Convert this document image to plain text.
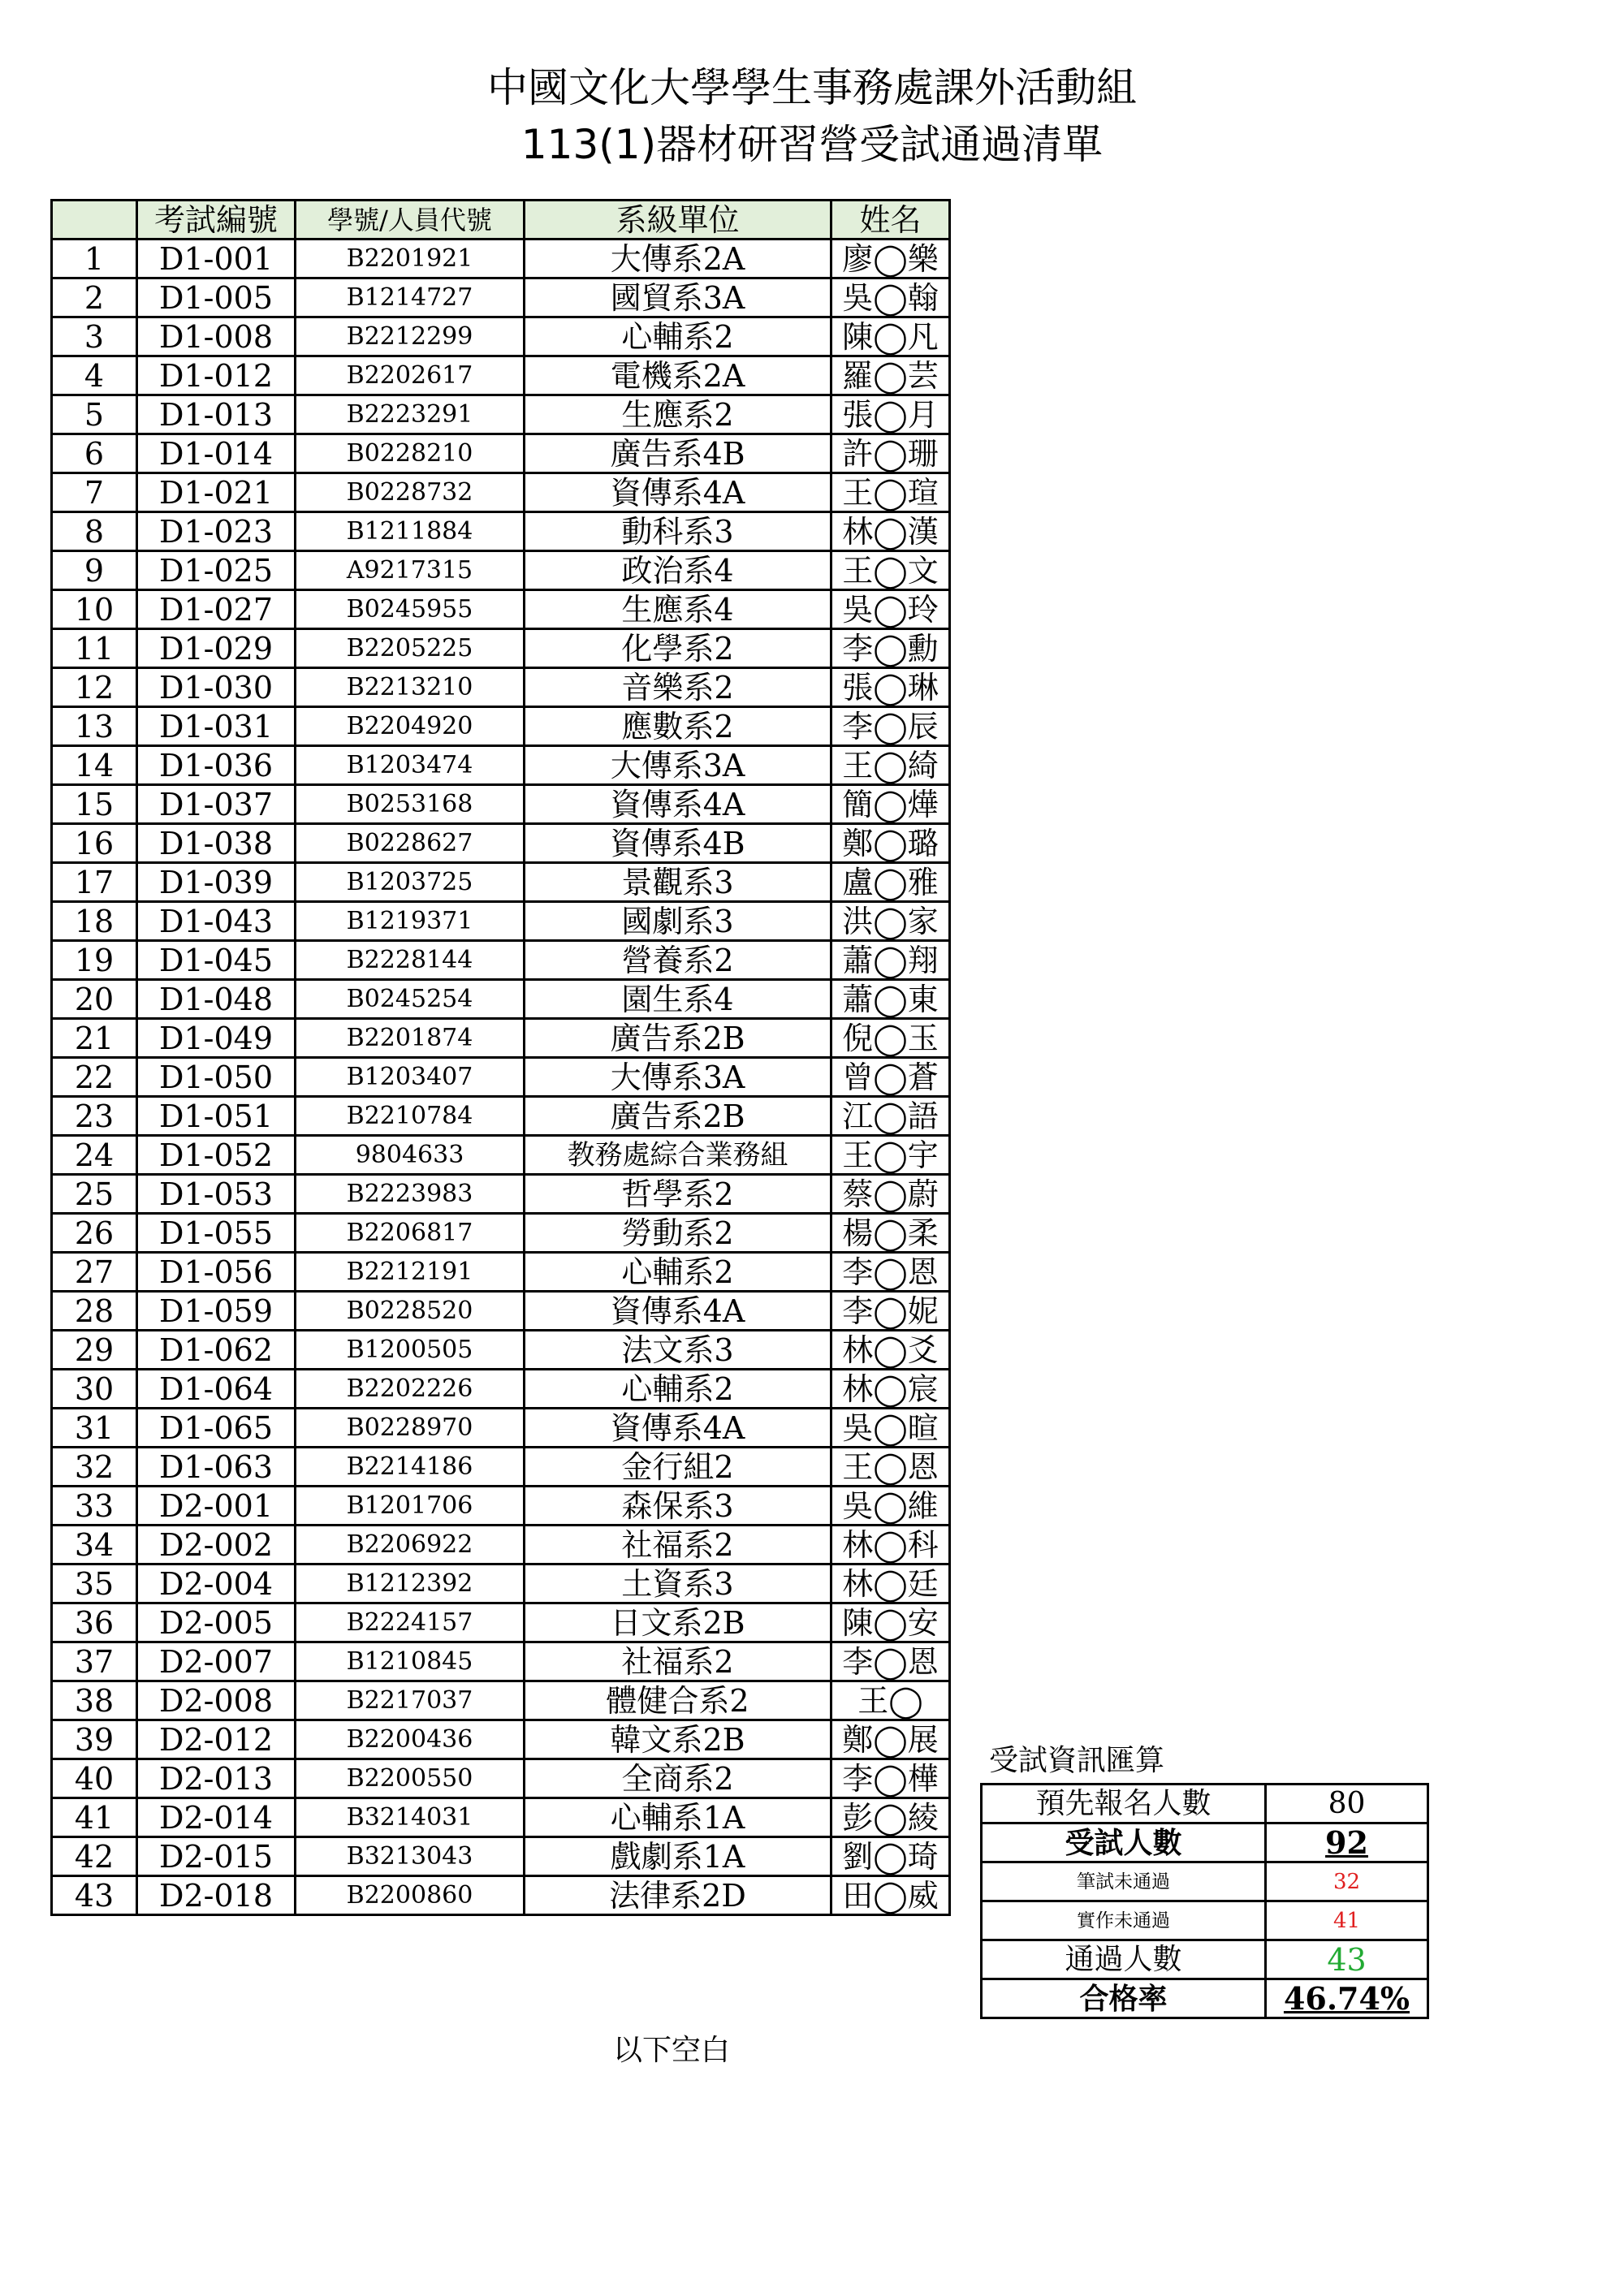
中國文化大學學生事務處課外活動組
113(1)器材研習營受試通過清單
	考試編號	學號/人員代號	系級單位	姓名
1	D1-001	B2201921	大傳系2A	廖◯樂
2	D1-005	B1214727	國貿系3A	吳◯翰
3	D1-008	B2212299	心輔系2	陳◯凡
4	D1-012	B2202617	電機系2A	羅◯芸
5	D1-013	B2223291	生應系2	張◯月
6	D1-014	B0228210	廣告系4B	許◯珊
7	D1-021	B0228732	資傳系4A	王◯瑄
8	D1-023	B1211884	動科系3	林◯漢
9	D1-025	A9217315	政治系4	王◯文
10	D1-027	B0245955	生應系4	吳◯玲
11	D1-029	B2205225	化學系2	李◯勳
12	D1-030	B2213210	音樂系2	張◯琳
13	D1-031	B2204920	應數系2	李◯辰
14	D1-036	B1203474	大傳系3A	王◯綺
15	D1-037	B0253168	資傳系4A	簡◯燁
16	D1-038	B0228627	資傳系4B	鄭◯璐
17	D1-039	B1203725	景觀系3	盧◯雅
18	D1-043	B1219371	國劇系3	洪◯家
19	D1-045	B2228144	營養系2	蕭◯翔
20	D1-048	B0245254	園生系4	蕭◯東
21	D1-049	B2201874	廣告系2B	倪◯玉
22	D1-050	B1203407	大傳系3A	曾◯蒼
23	D1-051	B2210784	廣告系2B	江◯語
24	D1-052	9804633	教務處綜合業務組	王◯宇
25	D1-053	B2223983	哲學系2	蔡◯蔚
26	D1-055	B2206817	勞動系2	楊◯柔
27	D1-056	B2212191	心輔系2	李◯恩
28	D1-059	B0228520	資傳系4A	李◯妮
29	D1-062	B1200505	法文系3	林◯爻
30	D1-064	B2202226	心輔系2	林◯宸
31	D1-065	B0228970	資傳系4A	吳◯暄
32	D1-063	B2214186	金行組2	王◯恩
33	D2-001	B1201706	森保系3	吳◯維
34	D2-002	B2206922	社福系2	林◯科
35	D2-004	B1212392	土資系3	林◯廷
36	D2-005	B2224157	日文系2B	陳◯安
37	D2-007	B1210845	社福系2	李◯恩
38	D2-008	B2217037	體健合系2	王◯
39	D2-012	B2200436	韓文系2B	鄭◯展
40	D2-013	B2200550	全商系2	李◯樺
41	D2-014	B3214031	心輔系1A	彭◯綾
42	D2-015	B3213043	戲劇系1A	劉◯琦
43	D2-018	B2200860	法律系2D	田◯威
以下空白
受試資訊匯算
預先報名人數	80
受試人數	92
筆試未通過	32
實作未通過	41
通過人數	43
合格率	46.74%
